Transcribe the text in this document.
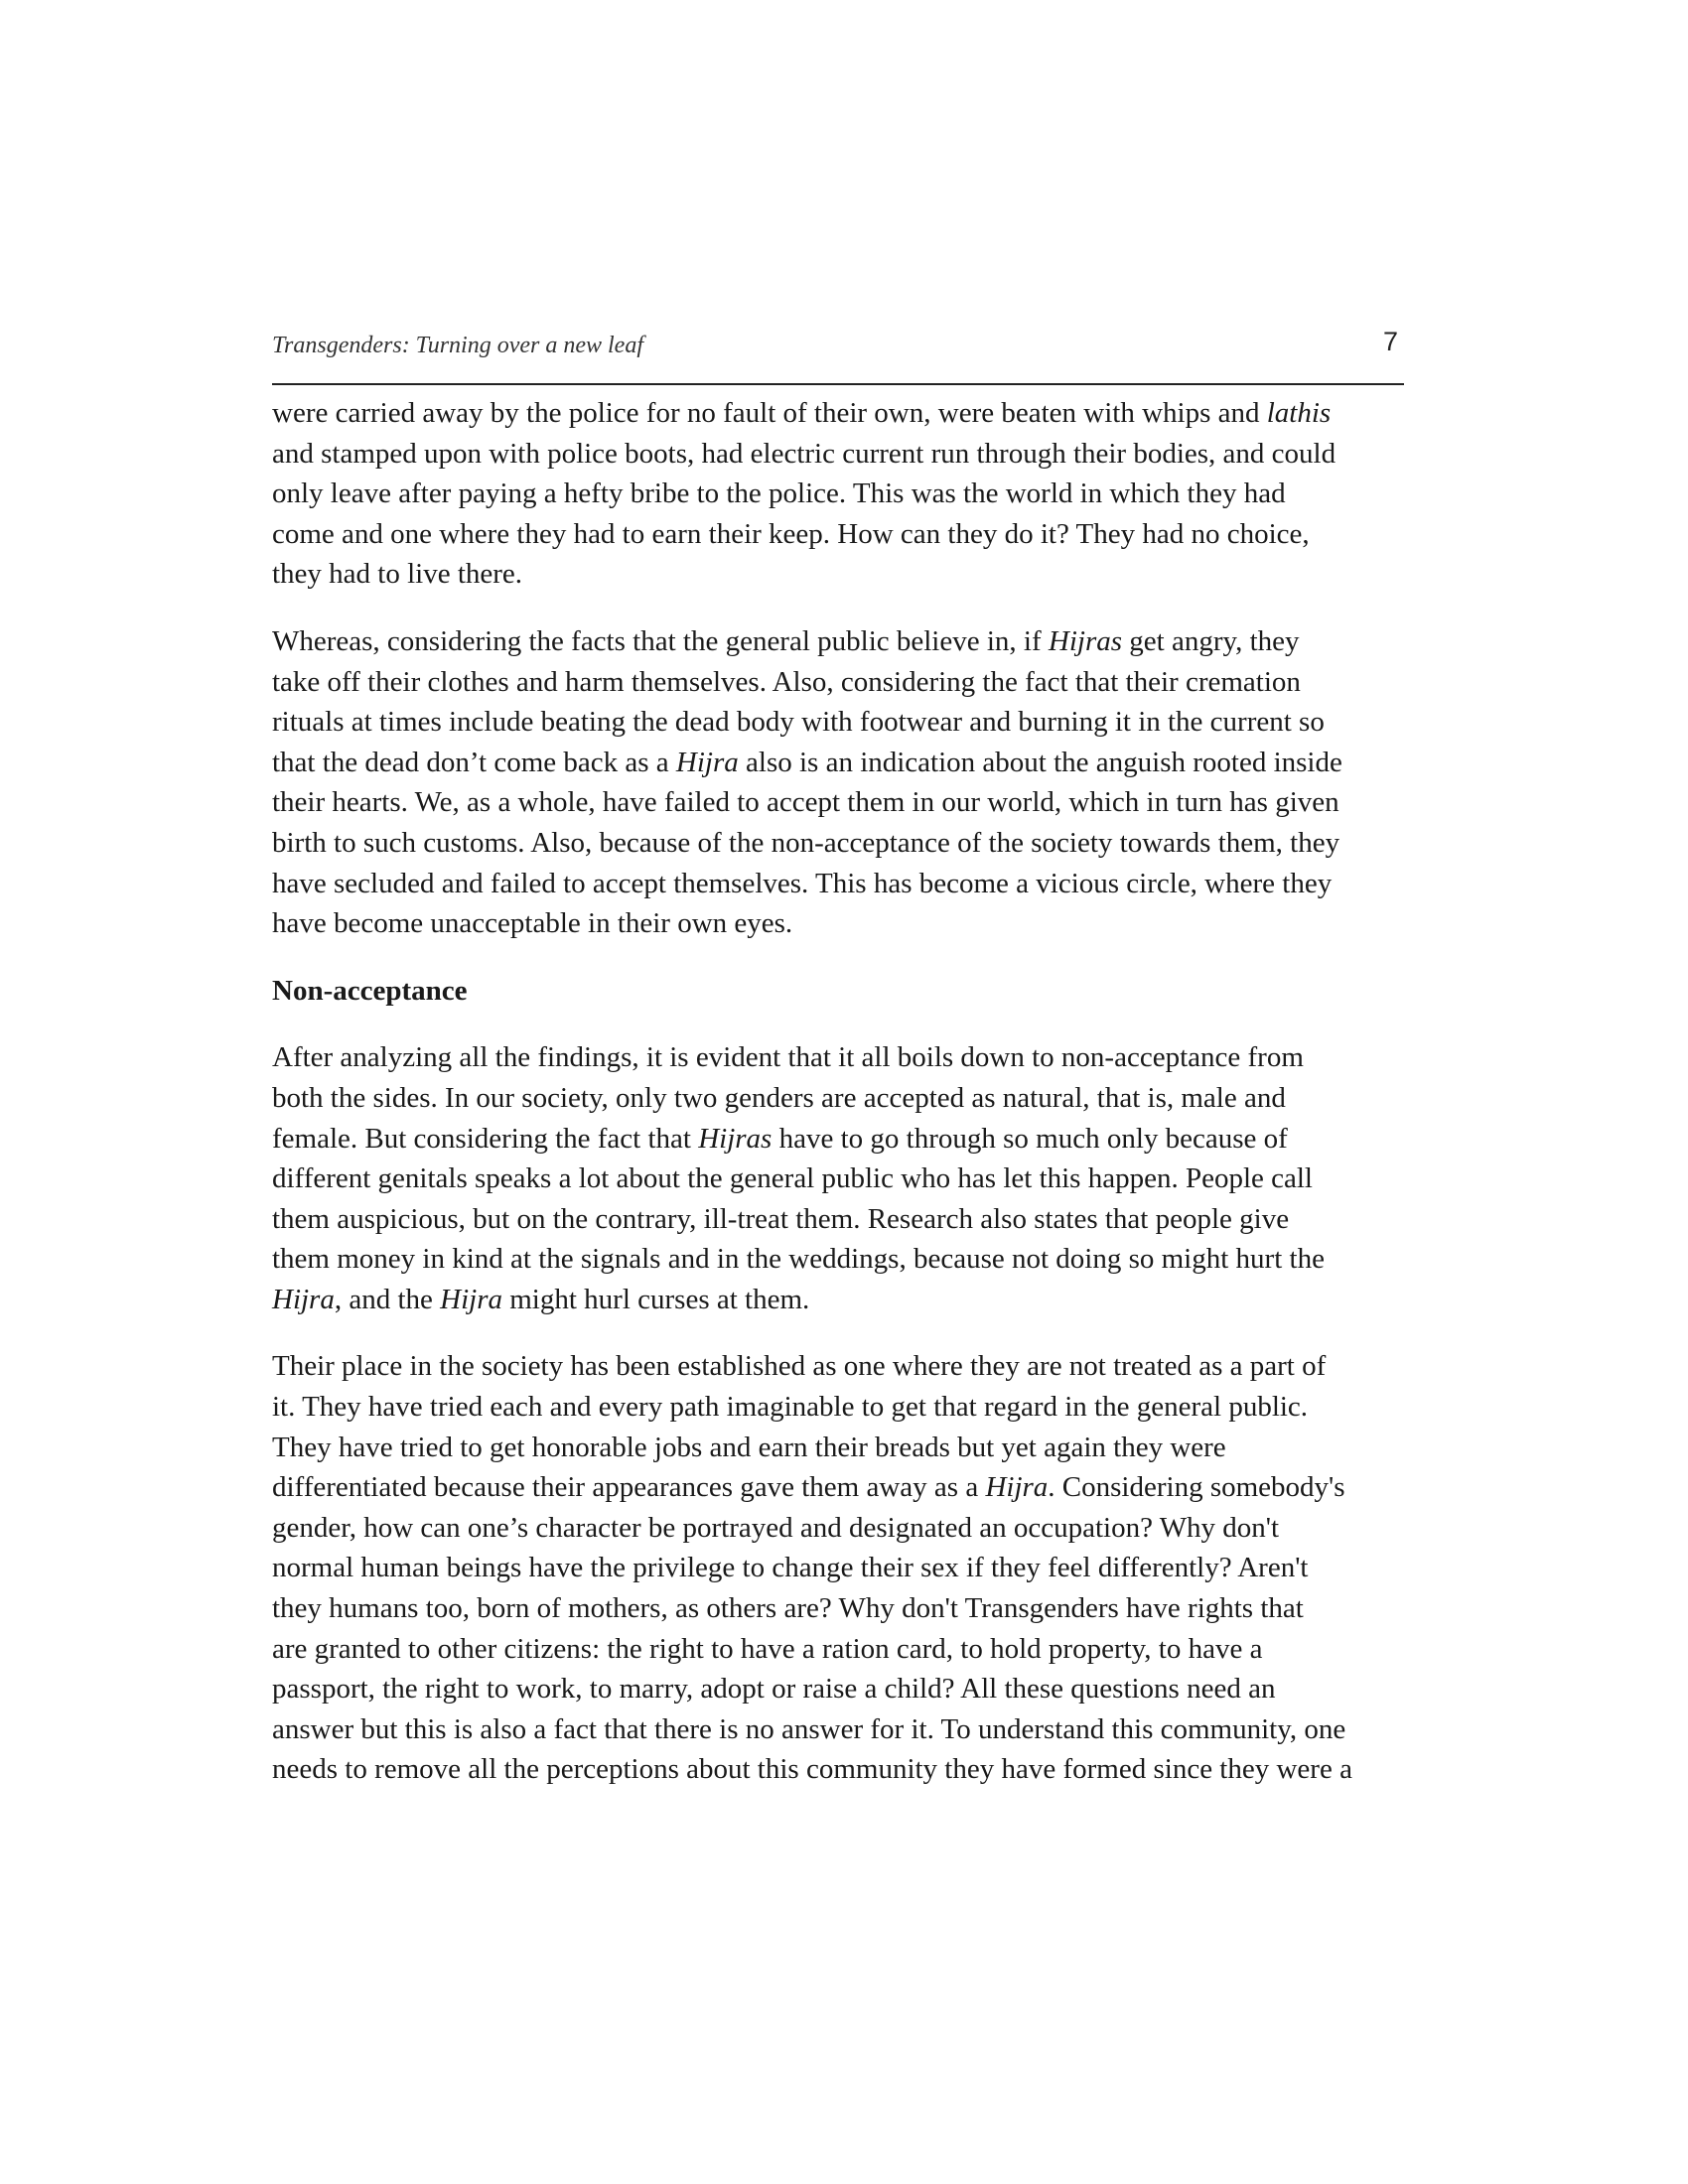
Transgenders: Turning over a new leaf	7

were carried away by the police for no fault of their own, were beaten with whips and lathis
and stamped upon with police boots, had electric current run through their bodies, and could
only leave after paying a hefty bribe to the police. This was the world in which they had
come and one where they had to earn their keep. How can they do it? They had no choice,
they had to live there.

Whereas, considering the facts that the general public believe in, if Hijras get angry, they
take off their clothes and harm themselves. Also, considering the fact that their cremation
rituals at times include beating the dead body with footwear and burning it in the current so
that the dead don’t come back as a Hijra also is an indication about the anguish rooted inside
their hearts. We, as a whole, have failed to accept them in our world, which in turn has given
birth to such customs. Also, because of the non-acceptance of the society towards them, they
have secluded and failed to accept themselves. This has become a vicious circle, where they
have become unacceptable in their own eyes.

Non-acceptance

After analyzing all the findings, it is evident that it all boils down to non-acceptance from
both the sides. In our society, only two genders are accepted as natural, that is, male and
female. But considering the fact that Hijras have to go through so much only because of
different genitals speaks a lot about the general public who has let this happen. People call
them auspicious, but on the contrary, ill-treat them. Research also states that people give
them money in kind at the signals and in the weddings, because not doing so might hurt the
Hijra, and the Hijra might hurl curses at them.

Their place in the society has been established as one where they are not treated as a part of
it. They have tried each and every path imaginable to get that regard in the general public.
They have tried to get honorable jobs and earn their breads but yet again they were
differentiated because their appearances gave them away as a Hijra. Considering somebody's
gender, how can one’s character be portrayed and designated an occupation? Why don't
normal human beings have the privilege to change their sex if they feel differently? Aren't
they humans too, born of mothers, as others are? Why don't Transgenders have rights that
are granted to other citizens: the right to have a ration card, to hold property, to have a
passport, the right to work, to marry, adopt or raise a child? All these questions need an
answer but this is also a fact that there is no answer for it. To understand this community, one
needs to remove all the perceptions about this community they have formed since they were a
